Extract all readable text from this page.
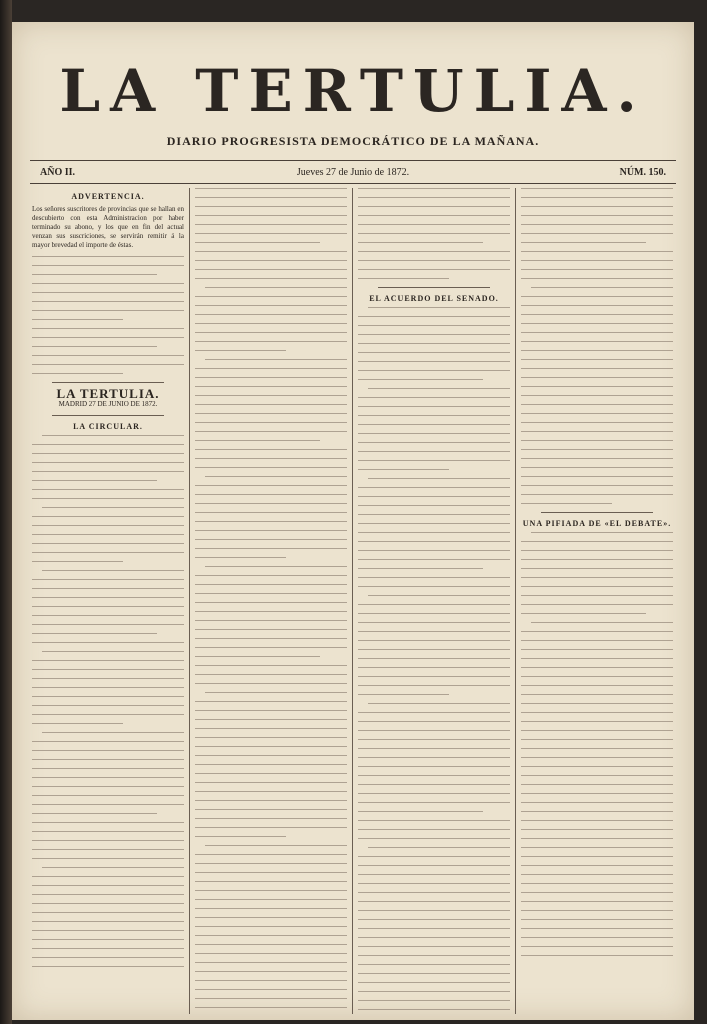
LA TERTULIA.
DIARIO PROGRESISTA DEMOCRÁTICO DE LA MAÑANA.
AÑO II.	Jueves 27 de Junio de 1872.	NÚM. 150.
ADVERTENCIA.
Los señores suscritores de provincias que se hallan en descubierto con esta Administracion por haber terminado su abono, y los que en fin del actual venzan sus suscriciones, se servirán remitir á la mayor brevedad el importe de éstas.
LA TERTULIA.
MADRID 27 DE JUNIO DE 1872.
LA CIRCULAR.
EL ACUERDO DEL SENADO.
UNA PIFIADA DE «EL DEBATE».
